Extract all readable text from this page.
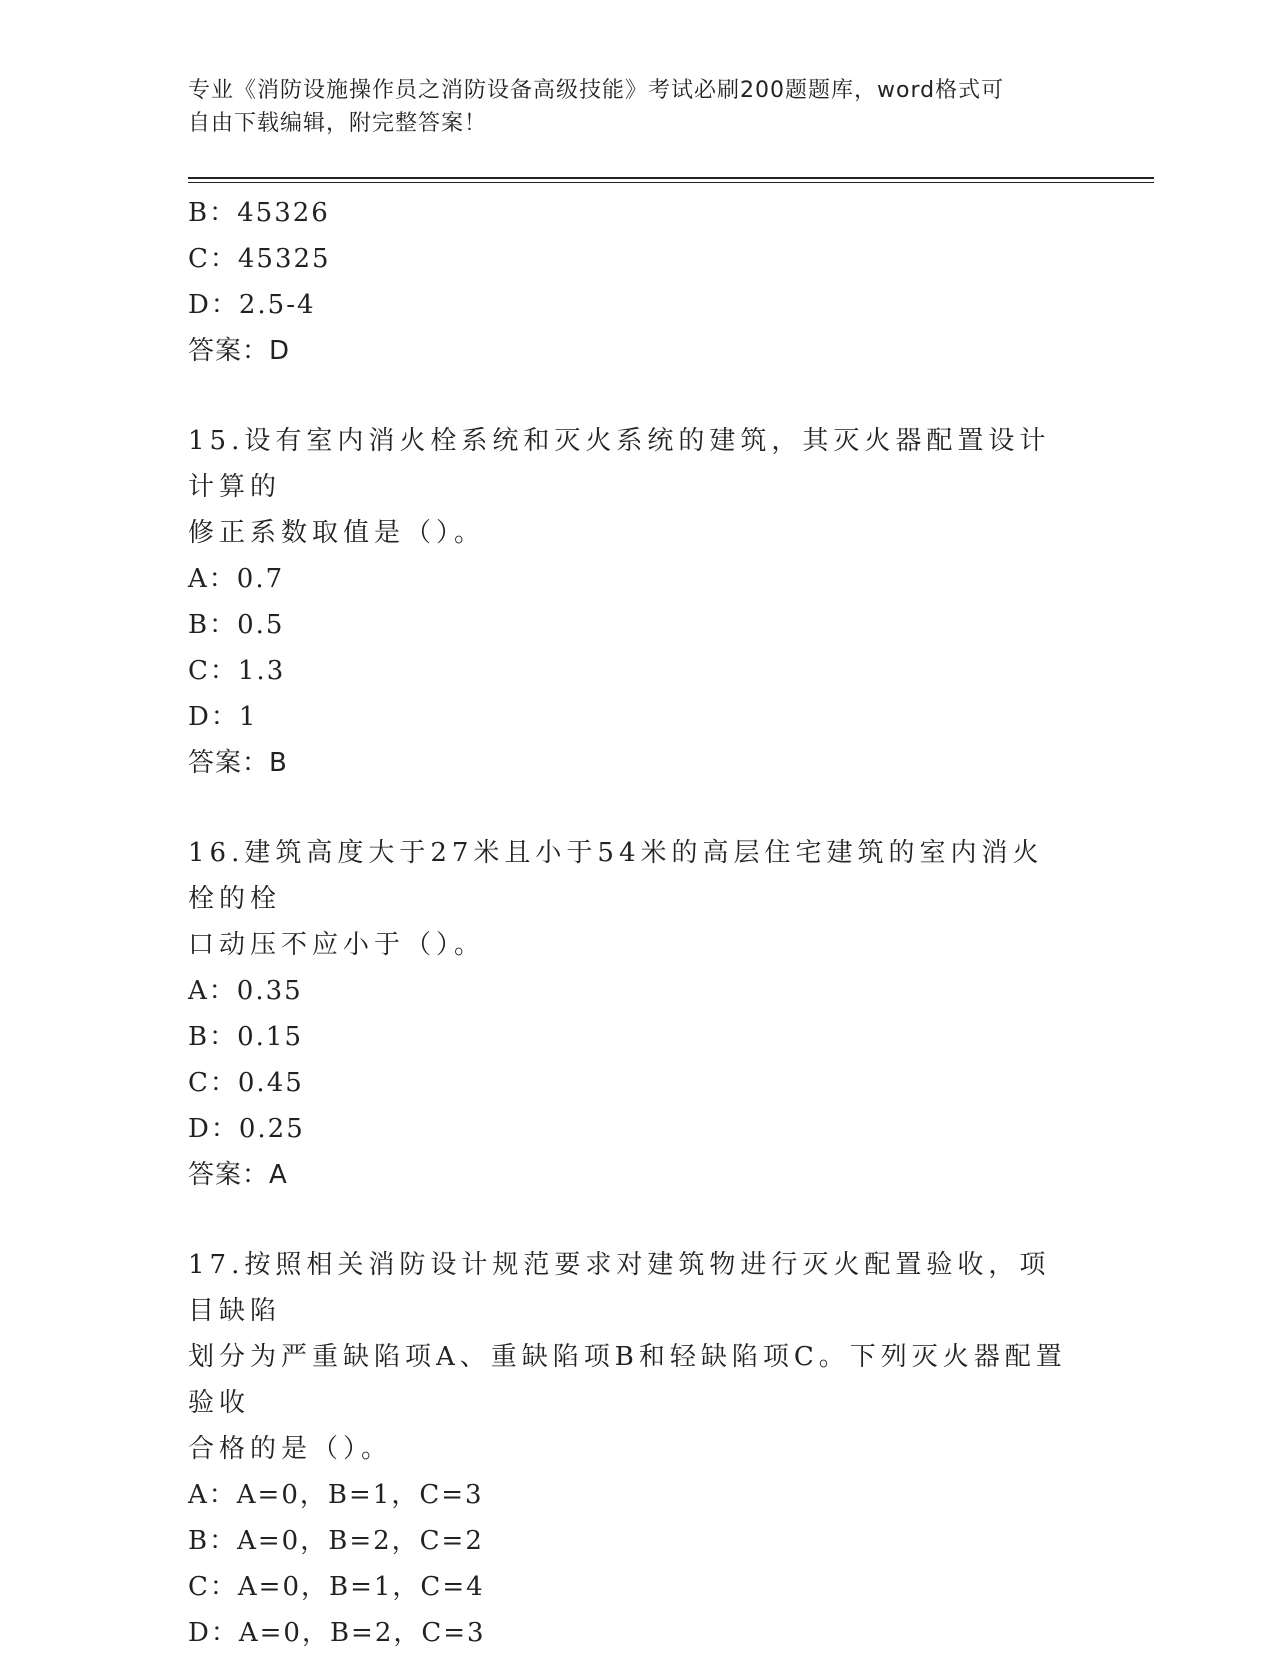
专业《消防设施操作员之消防设备高级技能》考试必刷200题题库，word格式可
自由下载编辑，附完整答案！
B：45326
C：45325
D：2.5-4
答案：D
15.设有室内消火栓系统和灭火系统的建筑，其灭火器配置设计计算的
修正系数取值是（）。
A：0.7
B：0.5
C：1.3
D：1
答案：B
16.建筑高度大于27米且小于54米的高层住宅建筑的室内消火栓的栓
口动压不应小于（）。
A：0.35
B：0.15
C：0.45
D：0.25
答案：A
17.按照相关消防设计规范要求对建筑物进行灭火配置验收，项目缺陷
划分为严重缺陷项A、重缺陷项B和轻缺陷项C。下列灭火器配置验收
合格的是（）。
A：A=0，B=1，C=3
B：A=0，B=2，C=2
C：A=0，B=1，C=4
D：A=0，B=2，C=3
